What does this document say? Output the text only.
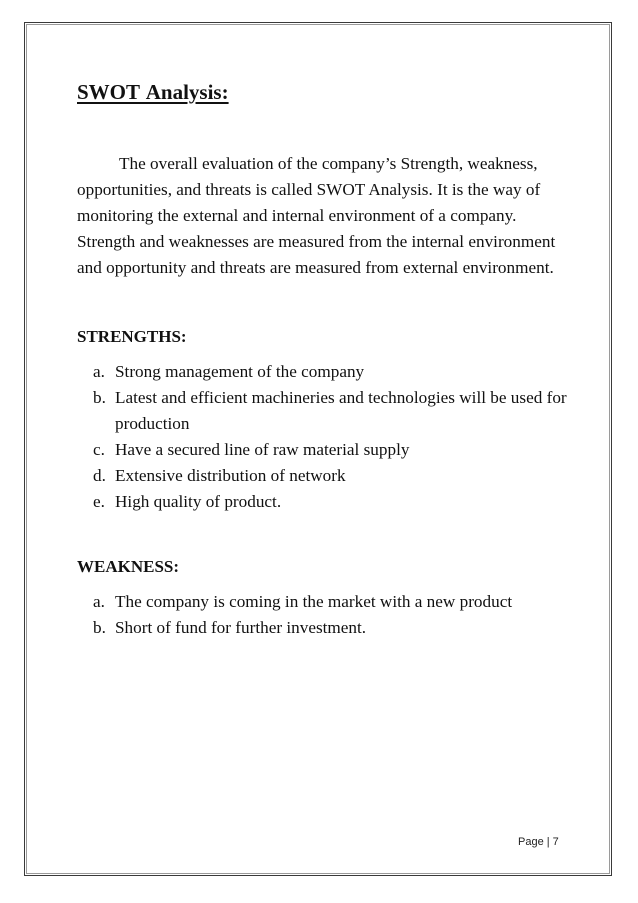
SWOT Analysis:

The overall evaluation of the company’s Strength, weakness, opportunities, and threats is called SWOT Analysis. It is the way of monitoring the external and internal environment of a company. Strength and weaknesses are measured from the internal environment and opportunity and threats are measured from external environment.

STRENGTHS:
a. Strong management of the company
b. Latest and efficient machineries and technologies will be used for production
c. Have a secured line of raw material supply
d. Extensive distribution of network
e. High quality of product.
WEAKNESS:
a. The company is coming in the market with a new product
b. Short of fund for further investment.
Page | 7
